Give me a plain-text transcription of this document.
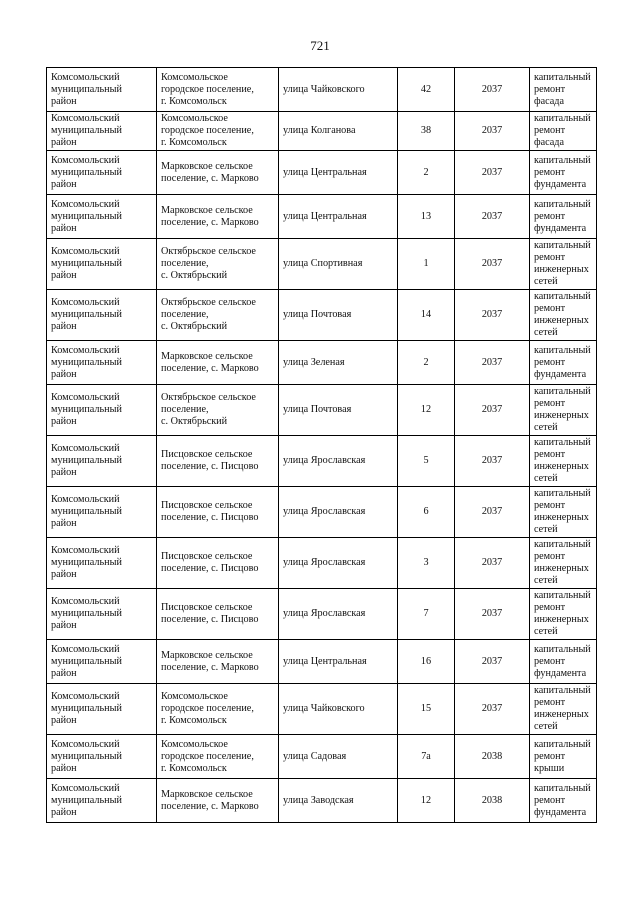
721
Комсомольский
муниципальный
район	Комсомольское
городское поселение,
г. Комсомольск	улица Чайковского	42	2037	капитальный
ремонт фасада
Комсомольский
муниципальный
район	Комсомольское
городское поселение,
г. Комсомольск	улица Колганова	38	2037	капитальный
ремонт фасада
Комсомольский
муниципальный
район	Марковское сельское
поселение, с. Марково	улица Центральная	2	2037	капитальный
ремонт
фундамента
Комсомольский
муниципальный
район	Марковское сельское
поселение, с. Марково	улица Центральная	13	2037	капитальный
ремонт
фундамента
Комсомольский
муниципальный
район	Октябрьское сельское
поселение,
с. Октябрьский	улица Спортивная	1	2037	капитальный
ремонт
инженерных
сетей
Комсомольский
муниципальный
район	Октябрьское сельское
поселение,
с. Октябрьский	улица Почтовая	14	2037	капитальный
ремонт
инженерных
сетей
Комсомольский
муниципальный
район	Марковское сельское
поселение, с. Марково	улица Зеленая	2	2037	капитальный
ремонт
фундамента
Комсомольский
муниципальный
район	Октябрьское сельское
поселение,
с. Октябрьский	улица Почтовая	12	2037	капитальный
ремонт
инженерных
сетей
Комсомольский
муниципальный
район	Писцовское сельское
поселение, с. Писцово	улица Ярославская	5	2037	капитальный
ремонт
инженерных
сетей
Комсомольский
муниципальный
район	Писцовское сельское
поселение, с. Писцово	улица Ярославская	6	2037	капитальный
ремонт
инженерных
сетей
Комсомольский
муниципальный
район	Писцовское сельское
поселение, с. Писцово	улица Ярославская	3	2037	капитальный
ремонт
инженерных
сетей
Комсомольский
муниципальный
район	Писцовское сельское
поселение, с. Писцово	улица Ярославская	7	2037	капитальный
ремонт
инженерных
сетей
Комсомольский
муниципальный
район	Марковское сельское
поселение, с. Марково	улица Центральная	16	2037	капитальный
ремонт
фундамента
Комсомольский
муниципальный
район	Комсомольское
городское поселение,
г. Комсомольск	улица Чайковского	15	2037	капитальный
ремонт
инженерных
сетей
Комсомольский
муниципальный
район	Комсомольское
городское поселение,
г. Комсомольск	улица Садовая	7а	2038	капитальный
ремонт крыши
Комсомольский
муниципальный
район	Марковское сельское
поселение, с. Марково	улица Заводская	12	2038	капитальный
ремонт
фундамента
